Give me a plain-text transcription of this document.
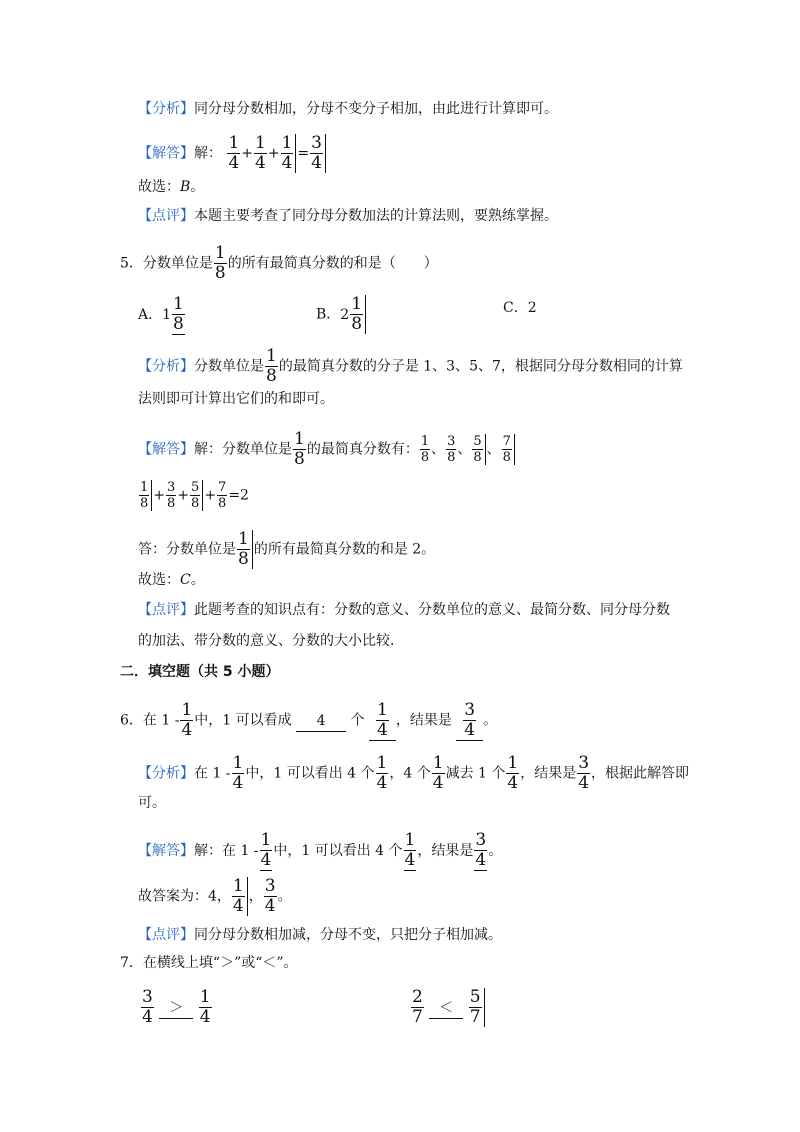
【分析】同分母分数相加，分母不变分子相加，由此进行计算即可。
【解答】解： $\frac{1}{4} + \frac{1}{4} + \frac{1}{4} = \frac{3}{4}$
故选：B。
【点评】本题主要考查了同分母分数加法的计算法则，要熟练掌握。
5．分数单位是 $\frac{1}{8}$ 的所有最简真分数的和是（　　）
A． $1 \frac{1}{8}$	B． $2 \frac{1}{8}$	C．2
【分析】分数单位是 $\frac{1}{8}$ 的最简真分数的分子是 1、3、5、7，根据同分母分数相同的计算
法则即可计算出它们的和即可。
【解答】解：分数单位是 $\frac{1}{8}$ 的最简真分数有： $\frac{1}{8}$ 、 $\frac{3}{8}$ 、 $\frac{5}{8}$ 、 $\frac{7}{8}$
$\frac{1}{8} + \frac{3}{8} + \frac{5}{8} + \frac{7}{8} =2$
答：分数单位是 $\frac{1}{8}$ 的所有最简真分数的和是 2。
故选：C。
【点评】此题考查的知识点有：分数的意义、分数单位的意义、最简分数、同分母分数
的加法、带分数的意义、分数的大小比较.
二．填空题（共 5 小题）
6．在 $1 - \frac{1}{4}$ 中，1 可以看成 4 个 $\frac{1}{4}$ ，结果是 $\frac{3}{4}$ 。
【分析】在 $1 - \frac{1}{4}$ 中，1 可以看出 4 个 $\frac{1}{4}$ ，4 个 $\frac{1}{4}$ 减去 1 个 $\frac{1}{4}$ ，结果是 $\frac{3}{4}$ ，根据此解答即
可。
【解答】解：在 $1 - \frac{1}{4}$ 中，1 可以看出 4 个 $\frac{1}{4}$ ，结果是 $\frac{3}{4}$ 。
故答案为：4， $\frac{1}{4}$ ， $\frac{3}{4}$ 。
【点评】同分母分数相加减，分母不变，只把分子相加减。
7．在横线上填“＞”或“＜”。
$\frac{3}{4} > \frac{1}{4}$	$\frac{2}{7} < \frac{5}{7}$
